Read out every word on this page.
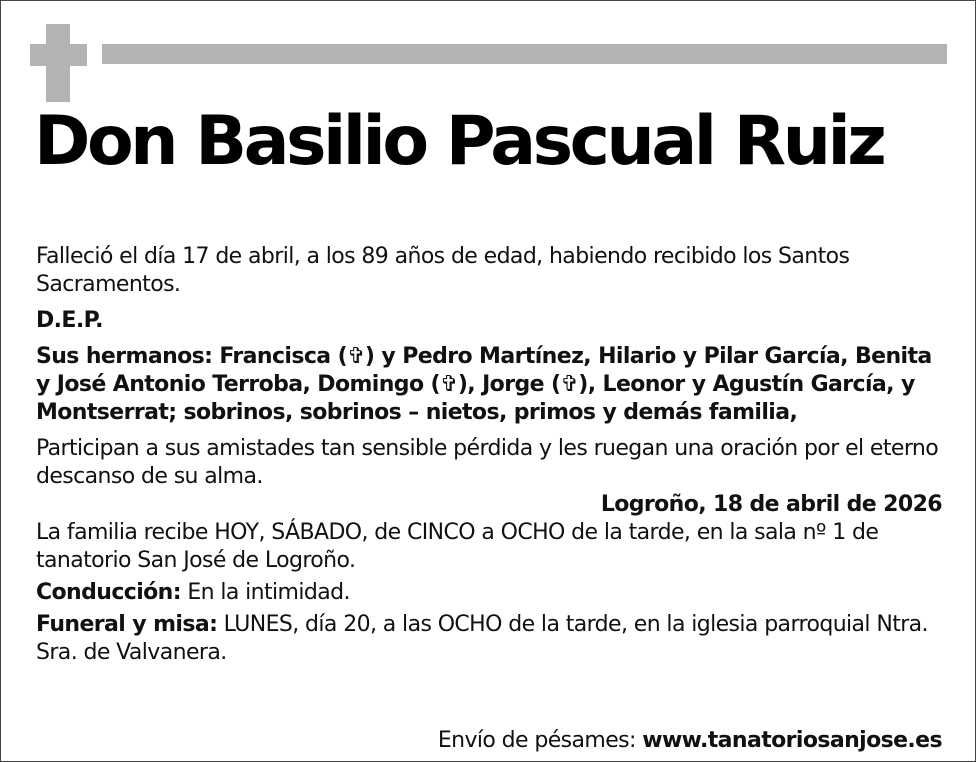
Don Basilio Pascual Ruiz

Falleció el día 17 de abril, a los 89 años de edad, habiendo recibido los Santos Sacramentos.

D.E.P.

Sus hermanos: Francisca (✞) y Pedro Martínez, Hilario y Pilar García, Benita y José Antonio Terroba, Domingo (✞), Jorge (✞), Leonor y Agustín García, y Montserrat; sobrinos, sobrinos – nietos, primos y demás familia,

Participan a sus amistades tan sensible pérdida y les ruegan una oración por el eterno descanso de su alma.

Logroño, 18 de abril de 2026

La familia recibe HOY, SÁBADO, de CINCO a OCHO de la tarde, en la sala nº 1 de tanatorio San José de Logroño.

Conducción: En la intimidad.

Funeral y misa: LUNES, día 20, a las OCHO de la tarde, en la iglesia parroquial Ntra. Sra. de Valvanera.

Envío de pésames: www.tanatoriosanjose.es
